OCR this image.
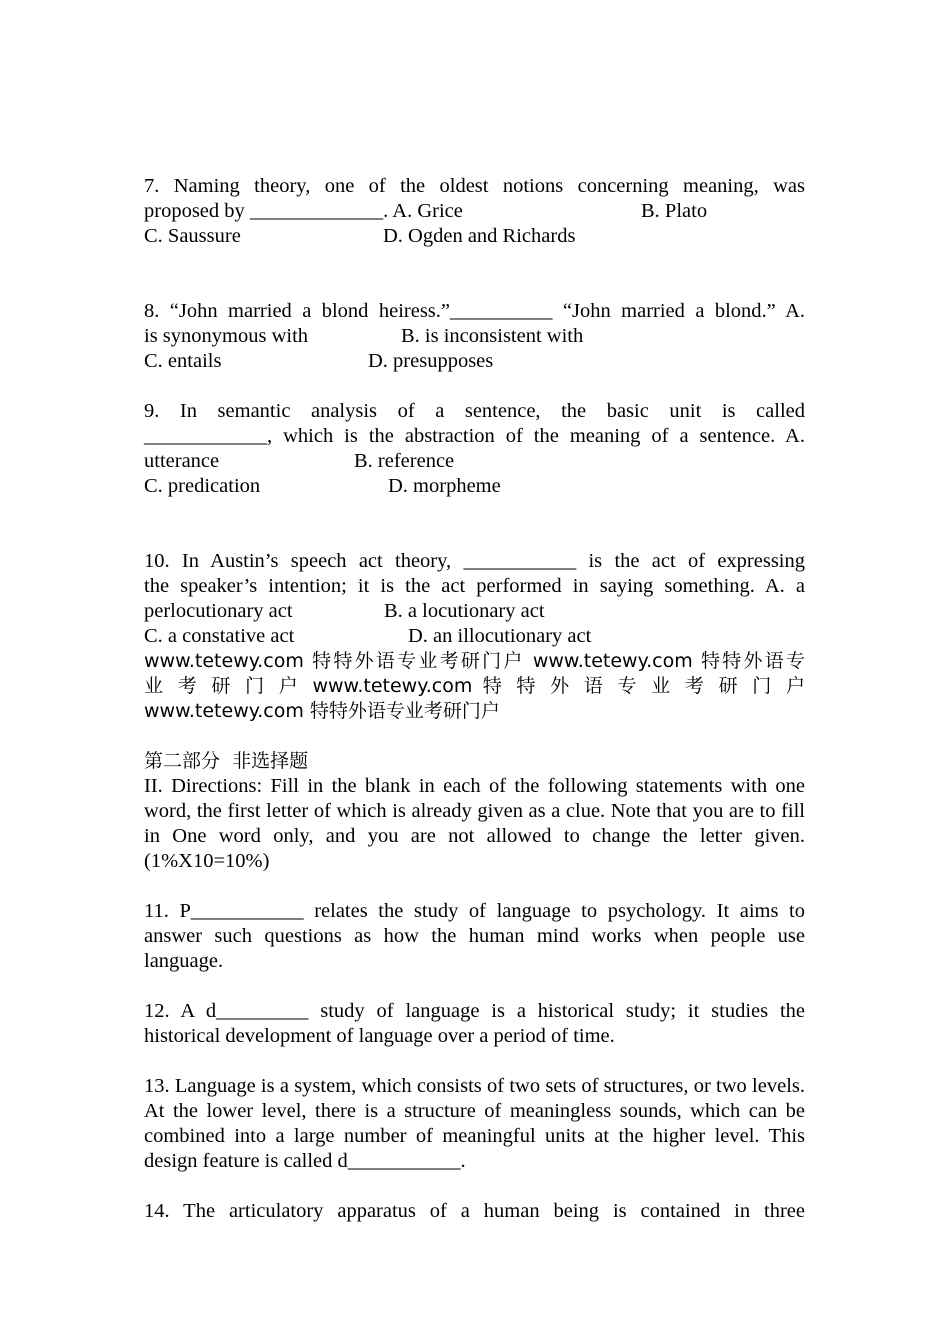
7. Naming theory, one of the oldest notions concerning meaning, was
proposed by _____________. A. Grice	B. Plato
C. Saussure	D. Ogden and Richards
8. “John married a blond heiress.”__________ “John married a blond.” A.
is synonymous with	B. is inconsistent with
C. entails	D. presupposes
9. In semantic analysis of a sentence, the basic unit is called
____________, which is the abstraction of the meaning of a sentence. A.
utterance	B. reference
C. predication	D. morpheme
10. In Austin’s speech act theory, ___________ is the act of expressing
the speaker’s intention; it is the act performed in saying something. A. a
perlocutionary act	B. a locutionary act
C. a constative act	D. an illocutionary act
www.tetewy.com 特特外语专业考研门户 www.tetewy.com 特特外语专
业 考 研 门 户 www.tetewy.com 特 特 外 语 专 业 考 研 门 户
www.tetewy.com 特特外语专业考研门户
第二部分  非选择题

II. Directions: Fill in the blank in each of the following statements with one word, the first letter of which is already given as a clue. Note that you are to fill in One word only, and you are not allowed to change the letter given. (1%X10=10%)

11. P___________ relates the study of language to psychology. It aims to answer such questions as how the human mind works when people use language.

12. A d_________ study of language is a historical study; it studies the historical development of language over a period of time.

13. Language is a system, which consists of two sets of structures, or two levels. At the lower level, there is a structure of meaningless sounds, which can be combined into a large number of meaningful units at the higher level. This design feature is called d___________.

14. The articulatory apparatus of a human being is contained in three
